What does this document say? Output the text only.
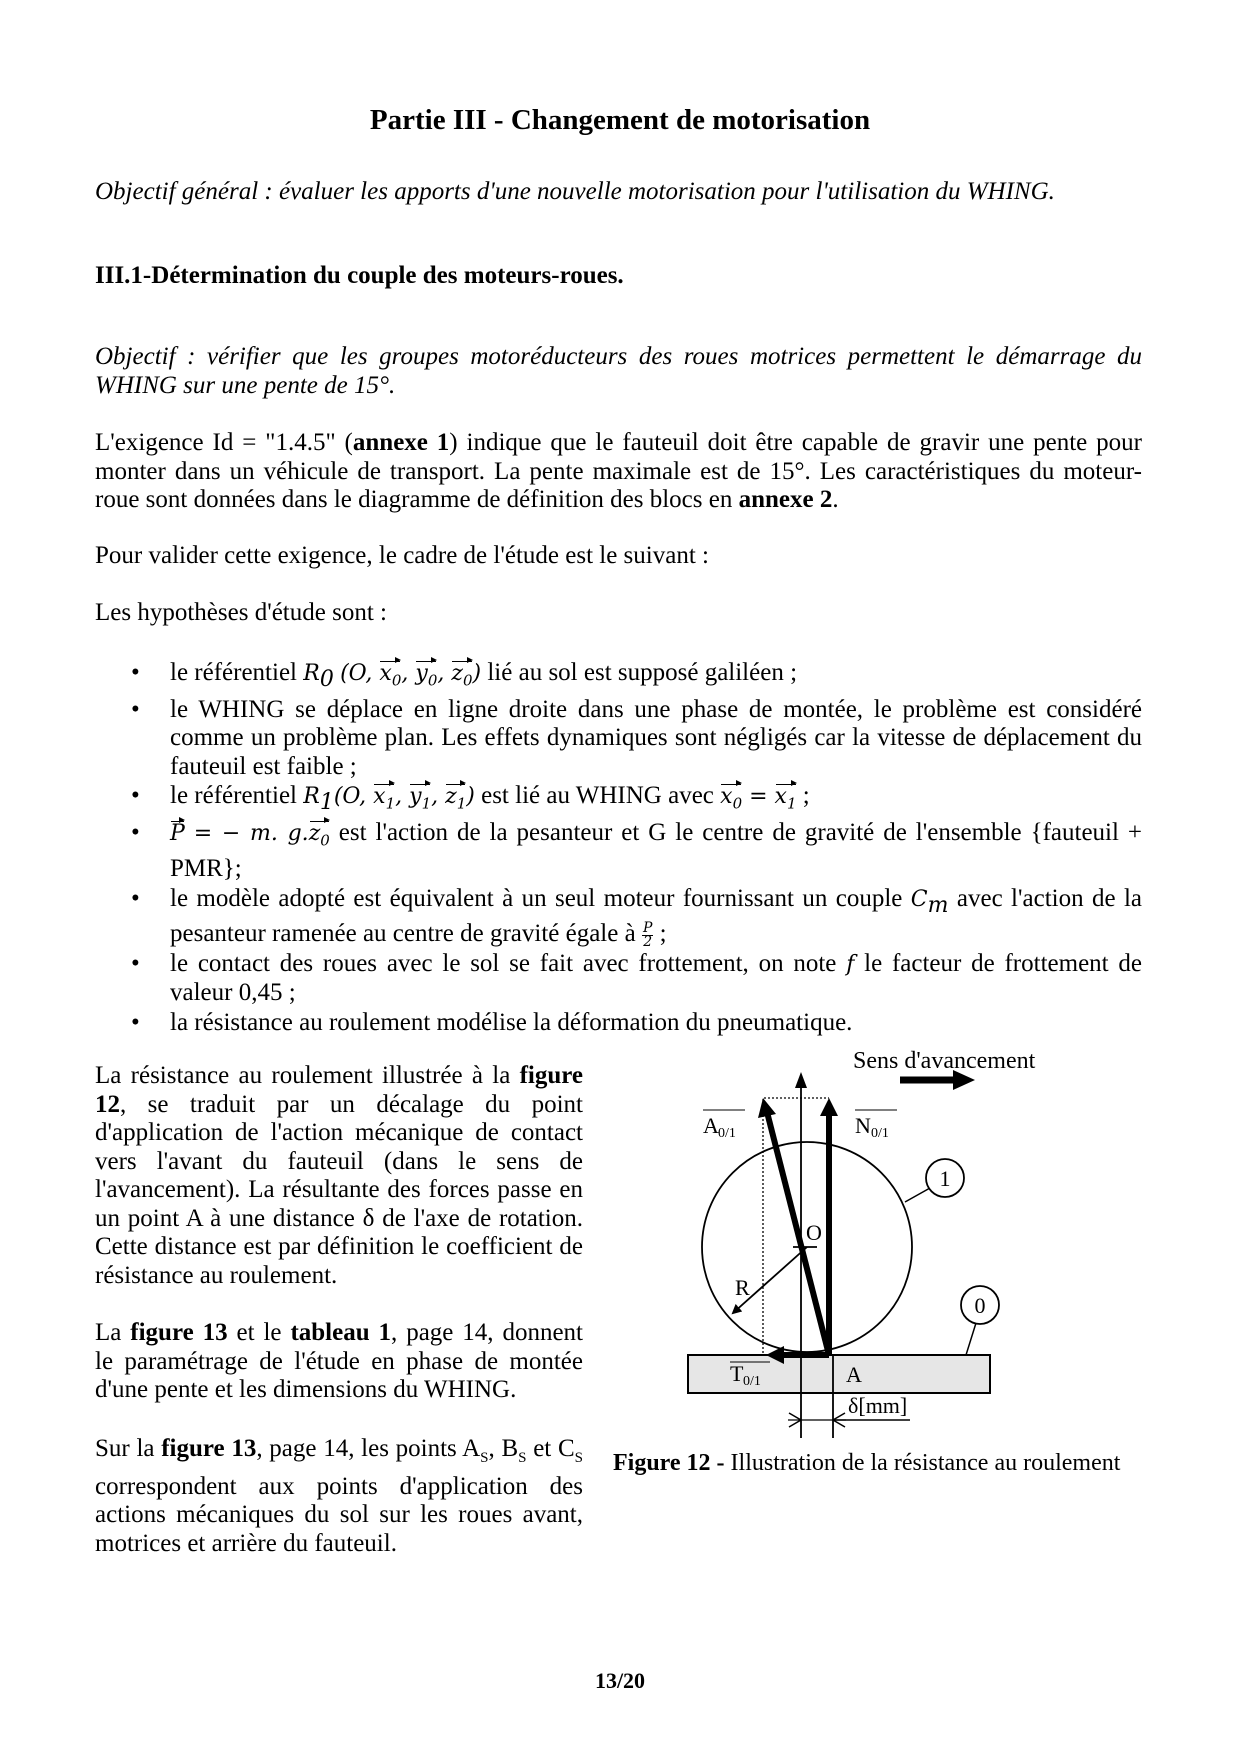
Partie III - Changement de motorisation

Objectif général : évaluer les apports d'une nouvelle motorisation pour l'utilisation du WHING.

III.1-Détermination du couple des moteurs-roues.

Objectif : vérifier que les groupes motoréducteurs des roues motrices permettent le démarrage du WHING sur une pente de 15°.

L'exigence Id = "1.4.5" (annexe 1) indique que le fauteuil doit être capable de gravir une pente pour monter dans un véhicule de transport. La pente maximale est de 15°. Les caractéristiques du moteur-roue sont données dans le diagramme de définition des blocs en annexe 2.

Pour valider cette exigence, le cadre de l'étude est le suivant :

Les hypothèses d'étude sont :

• le référentiel $R_0$ (O, $x_0$, $y_0$, $z_0$) lié au sol est supposé galiléen ;
• le WHING se déplace en ligne droite dans une phase de montée, le problème est considéré comme un problème plan. Les effets dynamiques sont négligés car la vitesse de déplacement du fauteuil est faible ;
• le référentiel $R_1(O$, $x_1$, $y_1$, $z_1$) est lié au WHING avec $x_0 = x_1$ ;
• P = − m. $g.z_0$ est l'action de la pesanteur et G le centre de gravité de l'ensemble {fauteuil + PMR};
• le modèle adopté est équivalent à un seul moteur fournissant un couple $C_m$ avec l'action de la pesanteur ramenée au centre de gravité égale à $\frac{P}{2}$ ;
• le contact des roues avec le sol se fait avec frottement, on note f le facteur de frottement de valeur 0,45 ;
• la résistance au roulement modélise la déformation du pneumatique.

La résistance au roulement illustrée à la figure 12, se traduit par un décalage du point d'application de l'action mécanique de contact vers l'avant du fauteuil (dans le sens de l'avancement). La résultante des forces passe en un point A à une distance δ de l'axe de rotation. Cette distance est par définition le coefficient de résistance au roulement.

La figure 13 et le tableau 1, page 14, donnent le paramétrage de l'étude en phase de montée d'une pente et les dimensions du WHING.

Sur la figure 13, page 14, les points $A_S$, $B_S$ et $C_S$ correspondent aux points d'application des actions mécaniques du sol sur les roues avant, motrices et arrière du fauteuil.

Sens d'avancement
O
R
A
A 0/1	N 0/1
T 0/1
1
0
δ[mm]

Figure 12 - Illustration de la résistance au roulement

13/20
